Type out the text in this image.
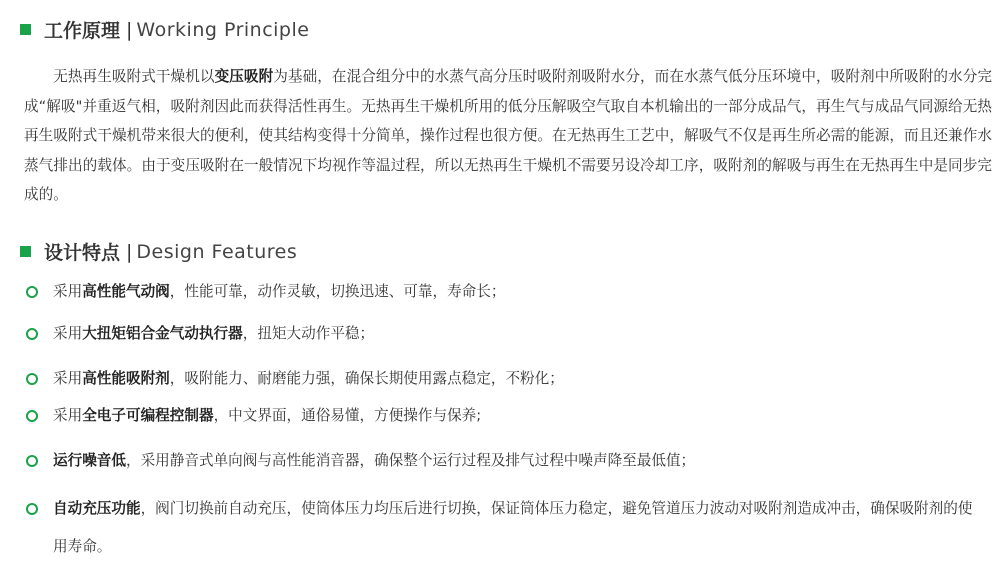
工作原理 | Working Principle

无热再生吸附式干燥机以变压吸附为基础，在混合组分中的水蒸气高分压时吸附剂吸附水分，而在水蒸气低分压环境中，吸附剂中所吸附的水分完成“解吸"并重返气相，吸附剂因此而获得活性再生。无热再生干燥机所用的低分压解吸空气取自本机输出的一部分成品气，再生气与成品气同源给无热再生吸附式干燥机带来很大的便利，使其结构变得十分简单，操作过程也很方便。在无热再生工艺中，解吸气不仅是再生所必需的能源，而且还兼作水蒸气排出的载体。由于变压吸附在一般情况下均视作等温过程，所以无热再生干燥机不需要另设冷却工序，吸附剂的解吸与再生在无热再生中是同步完成的。

设计特点 | Design Features
采用高性能气动阀，性能可靠，动作灵敏，切换迅速、可靠，寿命长；
采用大扭矩铝合金气动执行器，扭矩大动作平稳；
采用高性能吸附剂，吸附能力、耐磨能力强，确保长期使用露点稳定，不粉化；
采用全电子可编程控制器，中文界面，通俗易懂，方便操作与保养;
运行噪音低，采用静音式单向阀与高性能消音器，确保整个运行过程及排气过程中噪声降至最低值；
自动充压功能，阀门切换前自动充压，使筒体压力均压后进行切换，保证筒体压力稳定，避免管道压力波动对吸附剂造成冲击，确保吸附剂的使用寿命。
